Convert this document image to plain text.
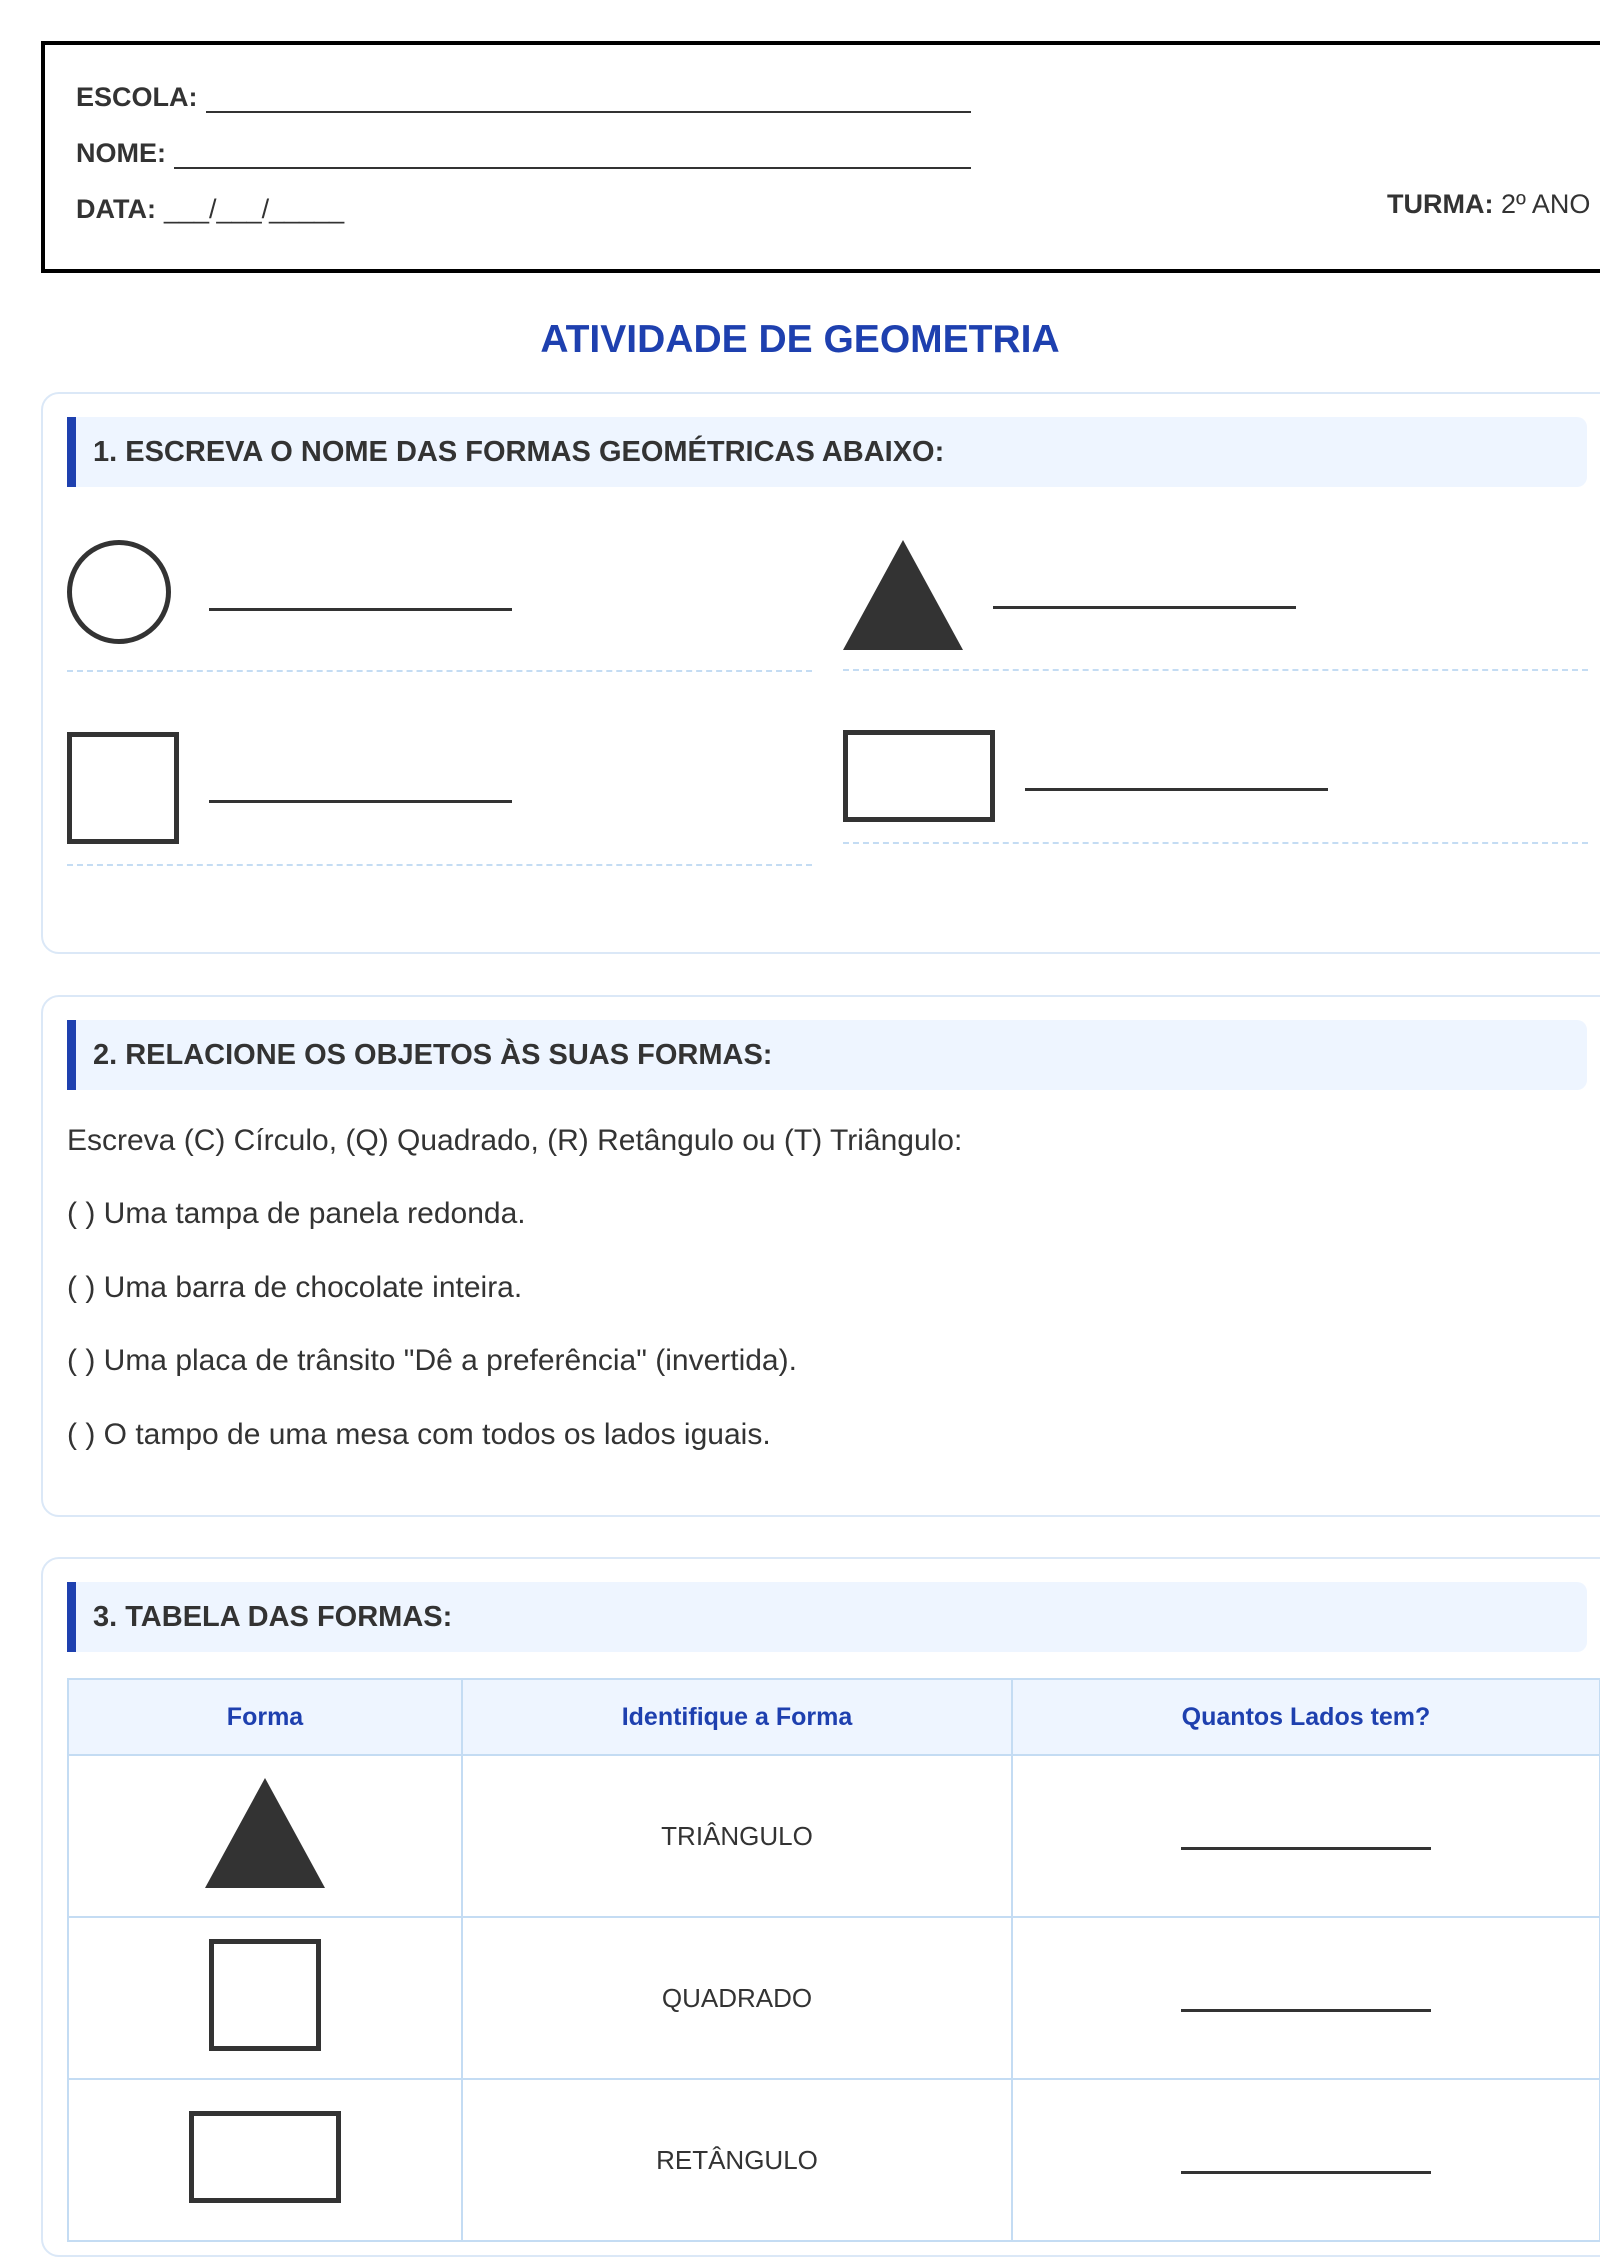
ESCOLA:
NOME:
DATA: ___/___/_____	TURMA: 2º ANO
ATIVIDADE DE GEOMETRIA
1. ESCREVA O NOME DAS FORMAS GEOMÉTRICAS ABAIXO:
2. RELACIONE OS OBJETOS ÀS SUAS FORMAS:
Escreva (C) Círculo, (Q) Quadrado, (R) Retângulo ou (T) Triângulo:
( ) Uma tampa de panela redonda.
( ) Uma barra de chocolate inteira.
( ) Uma placa de trânsito "Dê a preferência" (invertida).
( ) O tampo de uma mesa com todos os lados iguais.
3. TABELA DAS FORMAS:
Forma	Identifique a Forma	Quantos Lados tem?
	TRIÂNGULO	
	QUADRADO	
	RETÂNGULO	
